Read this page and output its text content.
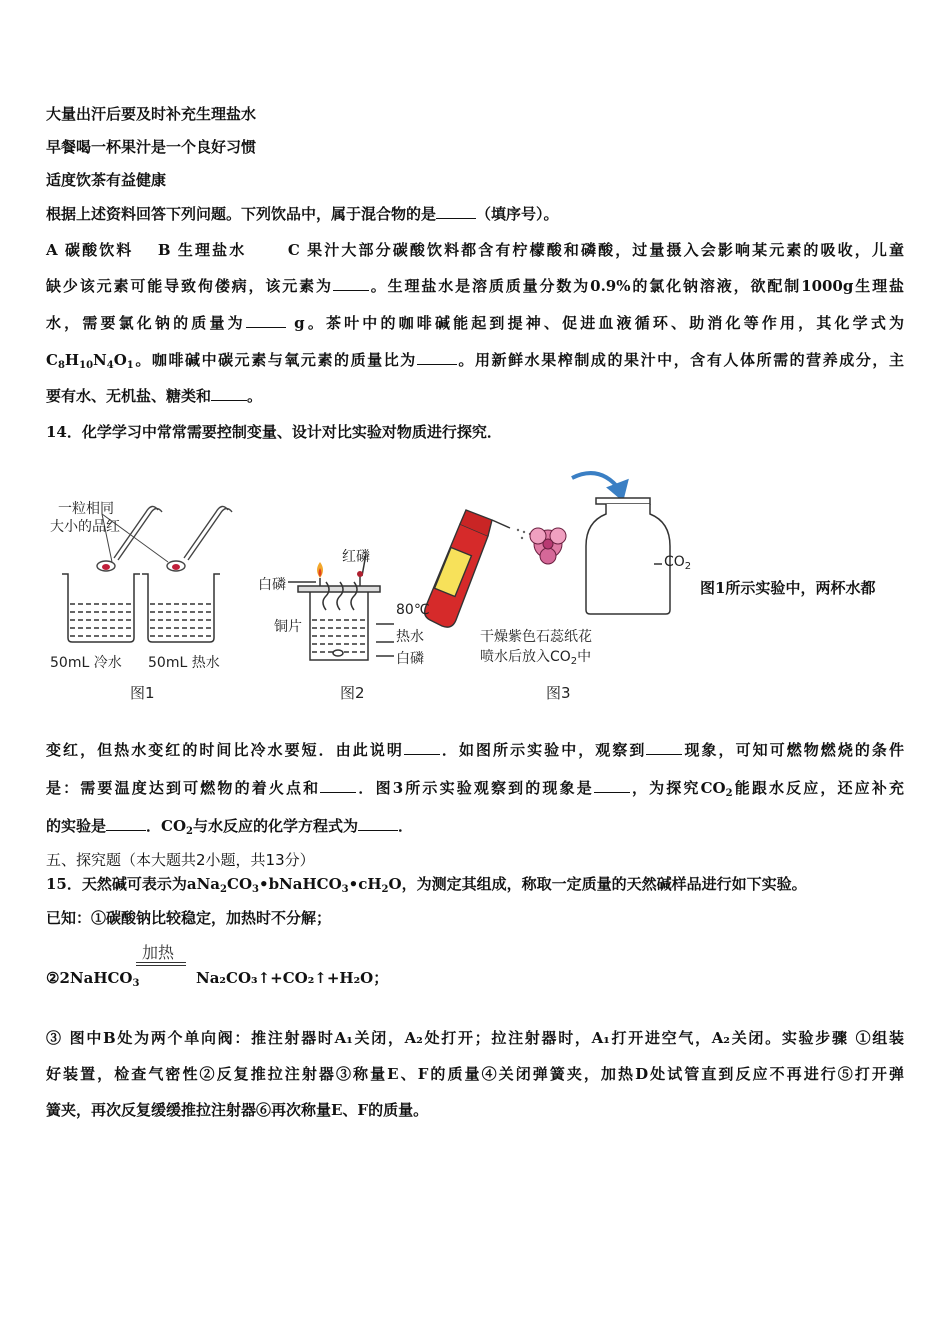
大量出汗后要及时补充生理盐水
早餐喝一杯果汁是一个良好习惯
适度饮茶有益健康
根据上述资料回答下列问题。下列饮品中，属于混合物的是	（填序号）。
A 碳酸饮料　 B 生理盐水　　 C 果汁大部分碳酸饮料都含有柠檬酸和磷酸，过量摄入会影响某元素的吸收，儿童
缺少该元素可能导致佝偻病，该元素为 。生理盐水是溶质质量分数为0.9%的氯化钠溶液，欲配制1000g生理盐
水，需要氯化钠的质量为	g。茶叶中的咖啡碱能起到提神、促进血液循环、助消化等作用，其化学式为
$C_8H_{10}N_4O_1$。咖啡碱中碳元素与氧元素的质量比为	。用新鲜水果榨制成的果汁中，含有人体所需的营养成分，主
要有水、无机盐、糖类和 。
14．化学学习中常常需要控制变量、设计对比实验对物质进行探究．
一粒相同
大小的品红
50mL 冷水 50mL 热水
图1
红磷
白磷
铜片
80℃
热水
白磷
图2
$CO_2$
干燥紫色石蕊纸花
喷水后放入$CO_2$中
图3
图1所示实验中，两杯水都
变红，但热水变红的时间比冷水要短．由此说明 ．如图所示实验中，观察到 现象，可知可燃物燃烧的条件
是：需要温度达到可燃物的着火点和 ．图3所示实验观察到的现象是 ，为探究$CO_2$能跟水反应，还应补充
的实验是	．$CO_2$与水反应的化学方程式为	．
五、探究题（本大题共2小题，共13分）
15．天然碱可表示为$aNa_2CO_3•bNaHCO_3•cH_2O$，为测定其组成，称取一定质量的天然碱样品进行如下实验。
已知：①碳酸钠比较稳定，加热时不分解；
加热
②2NaHCO$_3$	Na₂CO₃↑+CO₂↑+H₂O；
③ 图中B处为两个单向阀：推注射器时A₁关闭，A₂处打开；拉注射器时，A₁打开进空气，A₂关闭。实验步骤 ①组装
好装置，检查气密性②反复推拉注射器③称量E、F的质量④关闭弹簧夹，加热D处试管直到反应不再进行⑤打开弹
簧夹，再次反复缓缓推拉注射器⑥再次称量E、F的质量。
